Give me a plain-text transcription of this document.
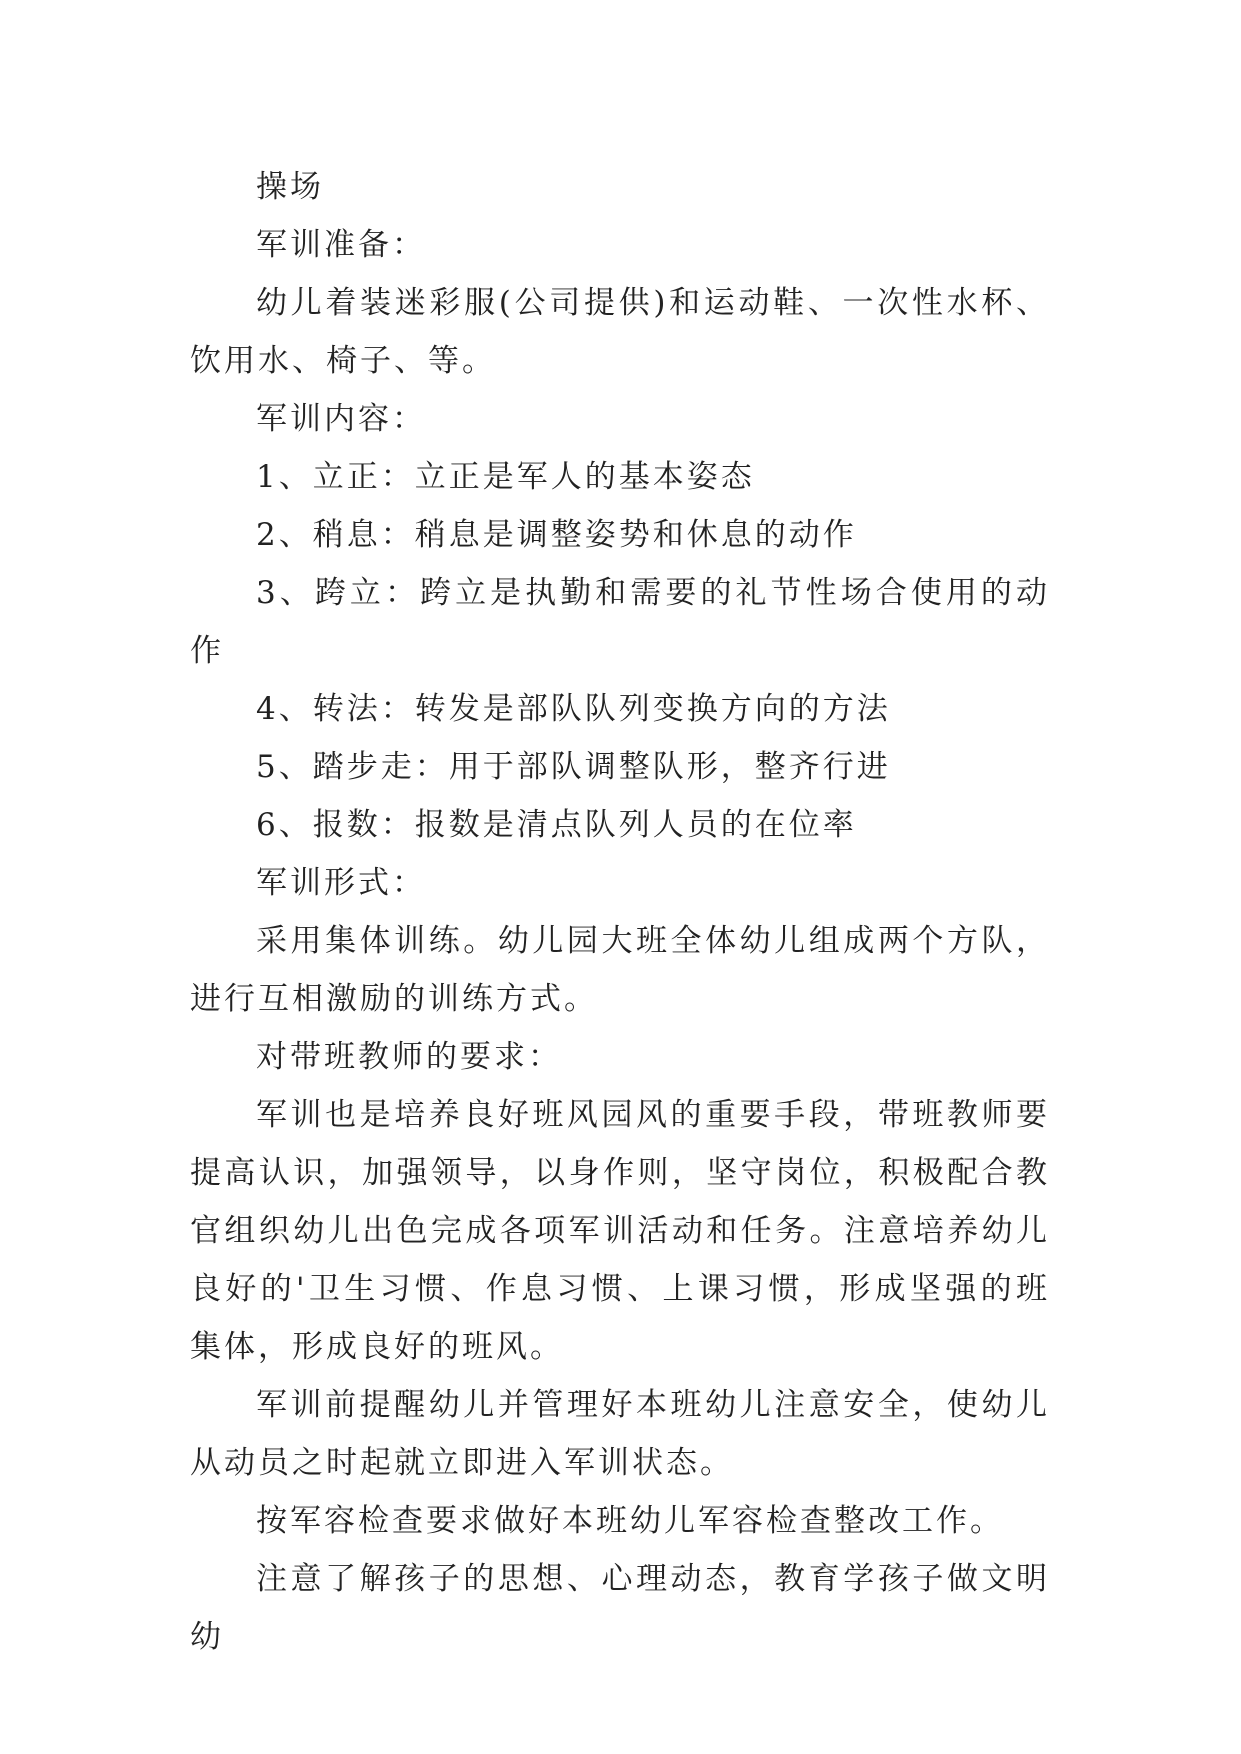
操场

军训准备：

幼儿着装迷彩服(公司提供)和运动鞋、一次性水杯、饮用水、椅子、等。

军训内容：

1、立正：立正是军人的基本姿态

2、稍息：稍息是调整姿势和休息的动作

3、跨立：跨立是执勤和需要的礼节性场合使用的动作

4、转法：转发是部队队列变换方向的方法

5、踏步走：用于部队调整队形，整齐行进

6、报数：报数是清点队列人员的在位率

军训形式：

采用集体训练。幼儿园大班全体幼儿组成两个方队，进行互相激励的训练方式。

对带班教师的要求：

军训也是培养良好班风园风的重要手段，带班教师要提高认识，加强领导，以身作则，坚守岗位，积极配合教官组织幼儿出色完成各项军训活动和任务。注意培养幼儿良好的'卫生习惯、作息习惯、上课习惯，形成坚强的班集体，形成良好的班风。

军训前提醒幼儿并管理好本班幼儿注意安全，使幼儿从动员之时起就立即进入军训状态。

按军容检查要求做好本班幼儿军容检查整改工作。

注意了解孩子的思想、心理动态，教育学孩子做文明幼
